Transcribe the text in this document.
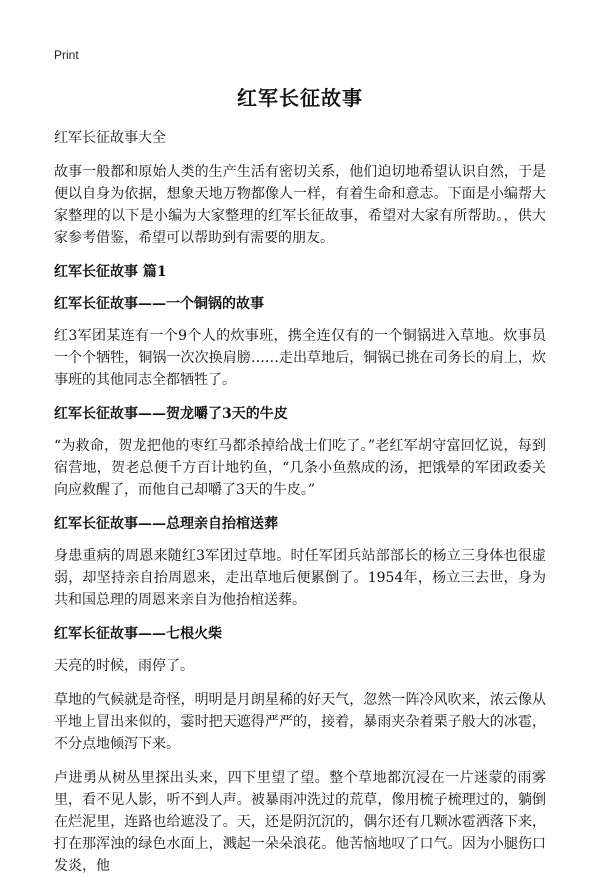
Print
红军长征故事

红军长征故事大全

故事一般都和原始人类的生产生活有密切关系，他们迫切地希望认识自然，于是便以自身为依据，想象天地万物都像人一样，有着生命和意志。下面是小编帮大家整理的以下是小编为大家整理的红军长征故事，希望对大家有所帮助。，供大家参考借鉴，希望可以帮助到有需要的朋友。

红军长征故事 篇1
红军长征故事——一个铜锅的故事

红3军团某连有一个9个人的炊事班，携全连仅有的一个铜锅进入草地。炊事员一个个牺牲，铜锅一次次换肩膀……走出草地后，铜锅已挑在司务长的肩上，炊事班的其他同志全都牺牲了。

红军长征故事——贺龙嚼了3天的牛皮

“为救命，贺龙把他的枣红马都杀掉给战士们吃了。”老红军胡守富回忆说，每到宿营地，贺老总便千方百计地钓鱼，“几条小鱼熬成的汤，把饿晕的军团政委关向应救醒了，而他自己却嚼了3天的牛皮。”

红军长征故事——总理亲自抬棺送葬

身患重病的周恩来随红3军团过草地。时任军团兵站部部长的杨立三身体也很虚弱，却坚持亲自抬周恩来，走出草地后便累倒了。1954年，杨立三去世，身为共和国总理的周恩来亲自为他抬棺送葬。

红军长征故事——七根火柴

天亮的时候，雨停了。

草地的气候就是奇怪，明明是月朗星稀的好天气，忽然一阵冷风吹来，浓云像从平地上冒出来似的，霎时把天遮得严严的，接着，暴雨夹杂着栗子般大的冰雹，不分点地倾泻下来。

卢进勇从树丛里探出头来，四下里望了望。整个草地都沉浸在一片迷蒙的雨雾里，看不见人影，听不到人声。被暴雨冲洗过的荒草，像用梳子梳理过的，躺倒在烂泥里，连路也给遮没了。天，还是阴沉沉的，偶尔还有几颗冰雹洒落下来，打在那浑浊的绿色水面上，溅起一朵朵浪花。他苦恼地叹了口气。因为小腿伤口发炎，他
